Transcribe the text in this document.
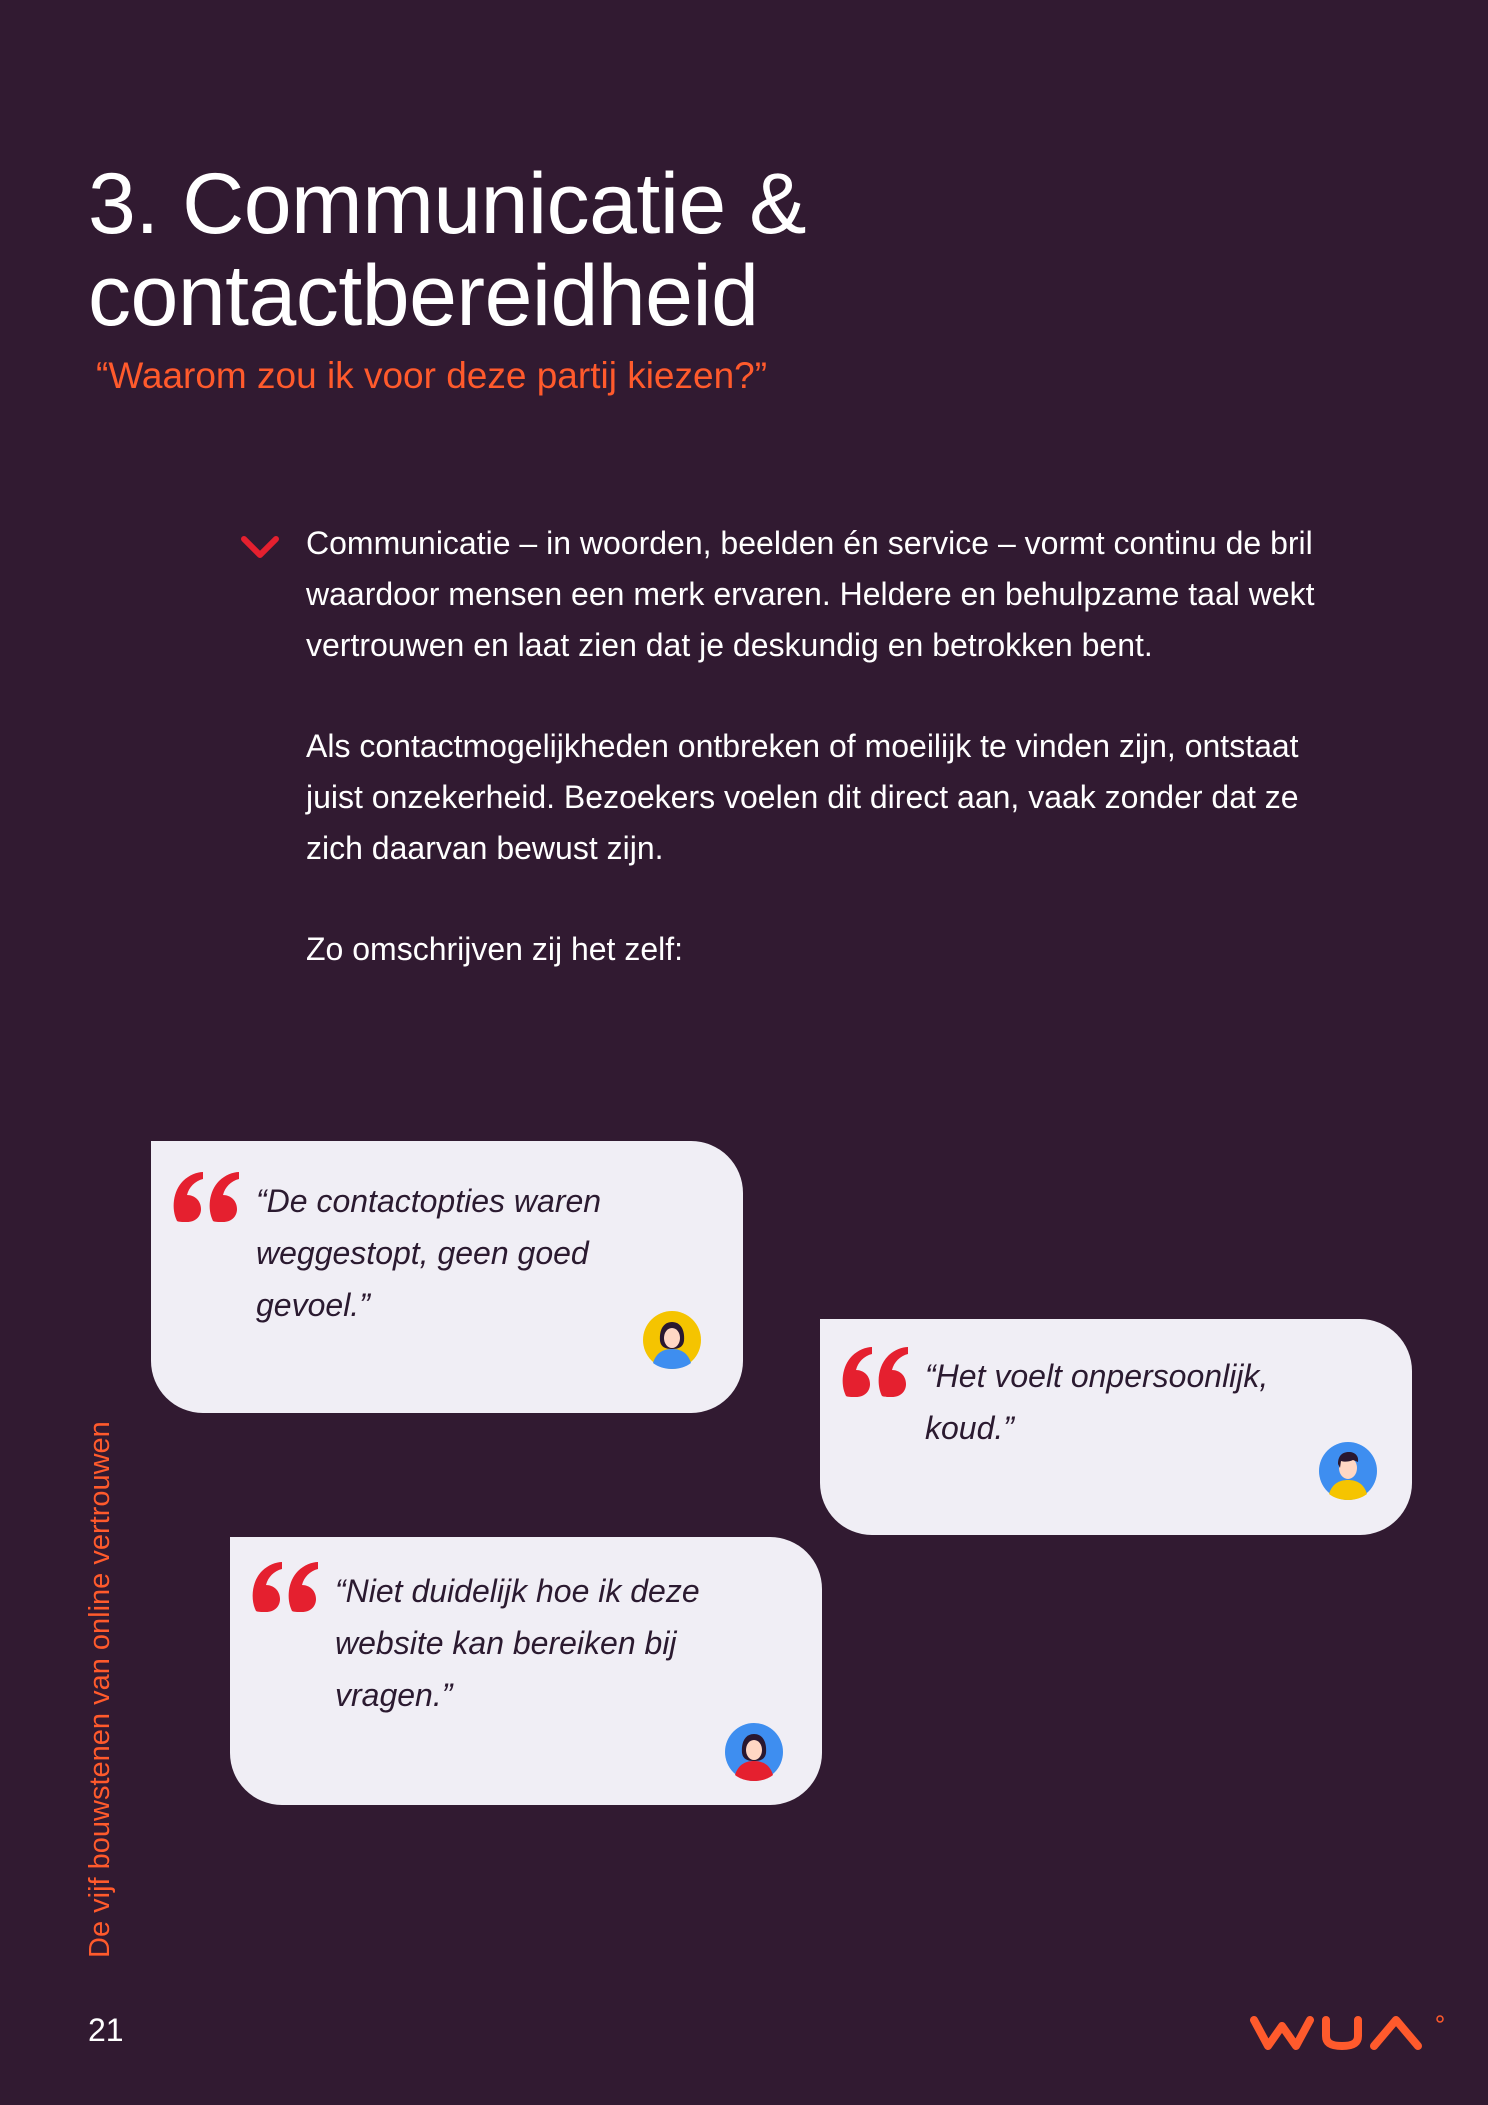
3. Communicatie &
contactbereidheid

“Waarom zou ik voor deze partij kiezen?”

Communicatie – in woorden, beelden én service – vormt continu de bril waardoor mensen een merk ervaren. Heldere en behulpzame taal wekt vertrouwen en laat zien dat je deskundig en betrokken bent.

Als contactmogelijkheden ontbreken of moeilijk te vinden zijn, ontstaat juist onzekerheid. Bezoekers voelen dit direct aan, vaak zonder dat ze zich daarvan bewust zijn.

Zo omschrijven zij het zelf:

“De contactopties waren weggestopt, geen goed gevoel.”

“Het voelt onpersoonlijk, koud.”

“Niet duidelijk hoe ik deze website kan bereiken bij vragen.”

De vijf bouwstenen van online vertrouwen
21
